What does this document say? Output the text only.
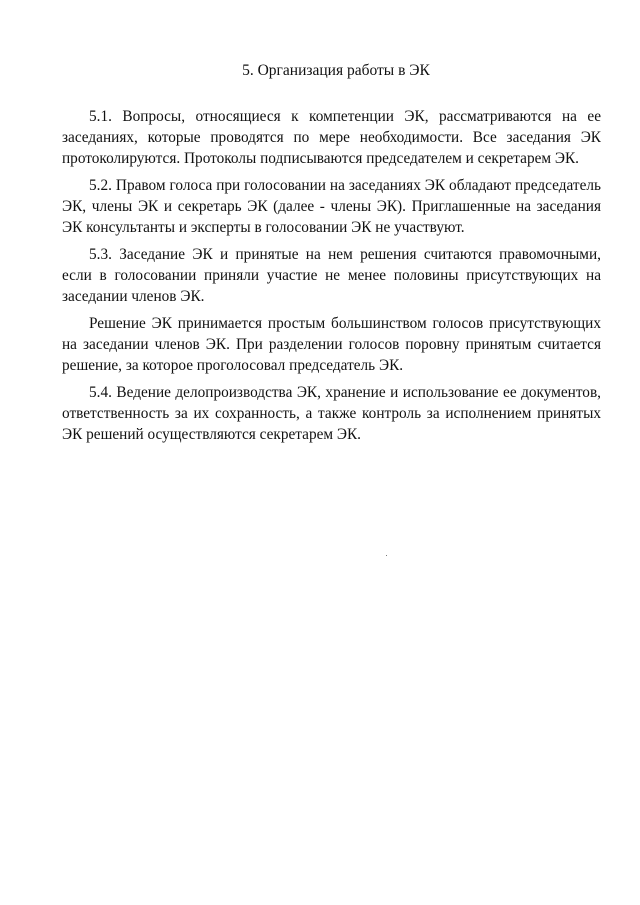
5. Организация работы в ЭК

5.1. Вопросы, относящиеся к компетенции ЭК, рассматриваются на ее заседаниях, которые проводятся по мере необходимости. Все заседания ЭК протоколируются. Протоколы подписываются председателем и секретарем ЭК.

5.2. Правом голоса при голосовании на заседаниях ЭК обладают председатель ЭК, члены ЭК и секретарь ЭК (далее - члены ЭК). Приглашенные на заседания ЭК консультанты и эксперты в голосовании ЭК не участвуют.

5.3. Заседание ЭК и принятые на нем решения считаются правомочными, если в голосовании приняли участие не менее половины присутствующих на заседании членов ЭК.

Решение ЭК принимается простым большинством голосов присутствующих на заседании членов ЭК. При разделении голосов поровну принятым считается решение, за которое проголосовал председатель ЭК.

5.4. Ведение делопроизводства ЭК, хранение и использование ее документов, ответственность за их сохранность, а также контроль за исполнением принятых ЭК решений осуществляются секретарем ЭК.
